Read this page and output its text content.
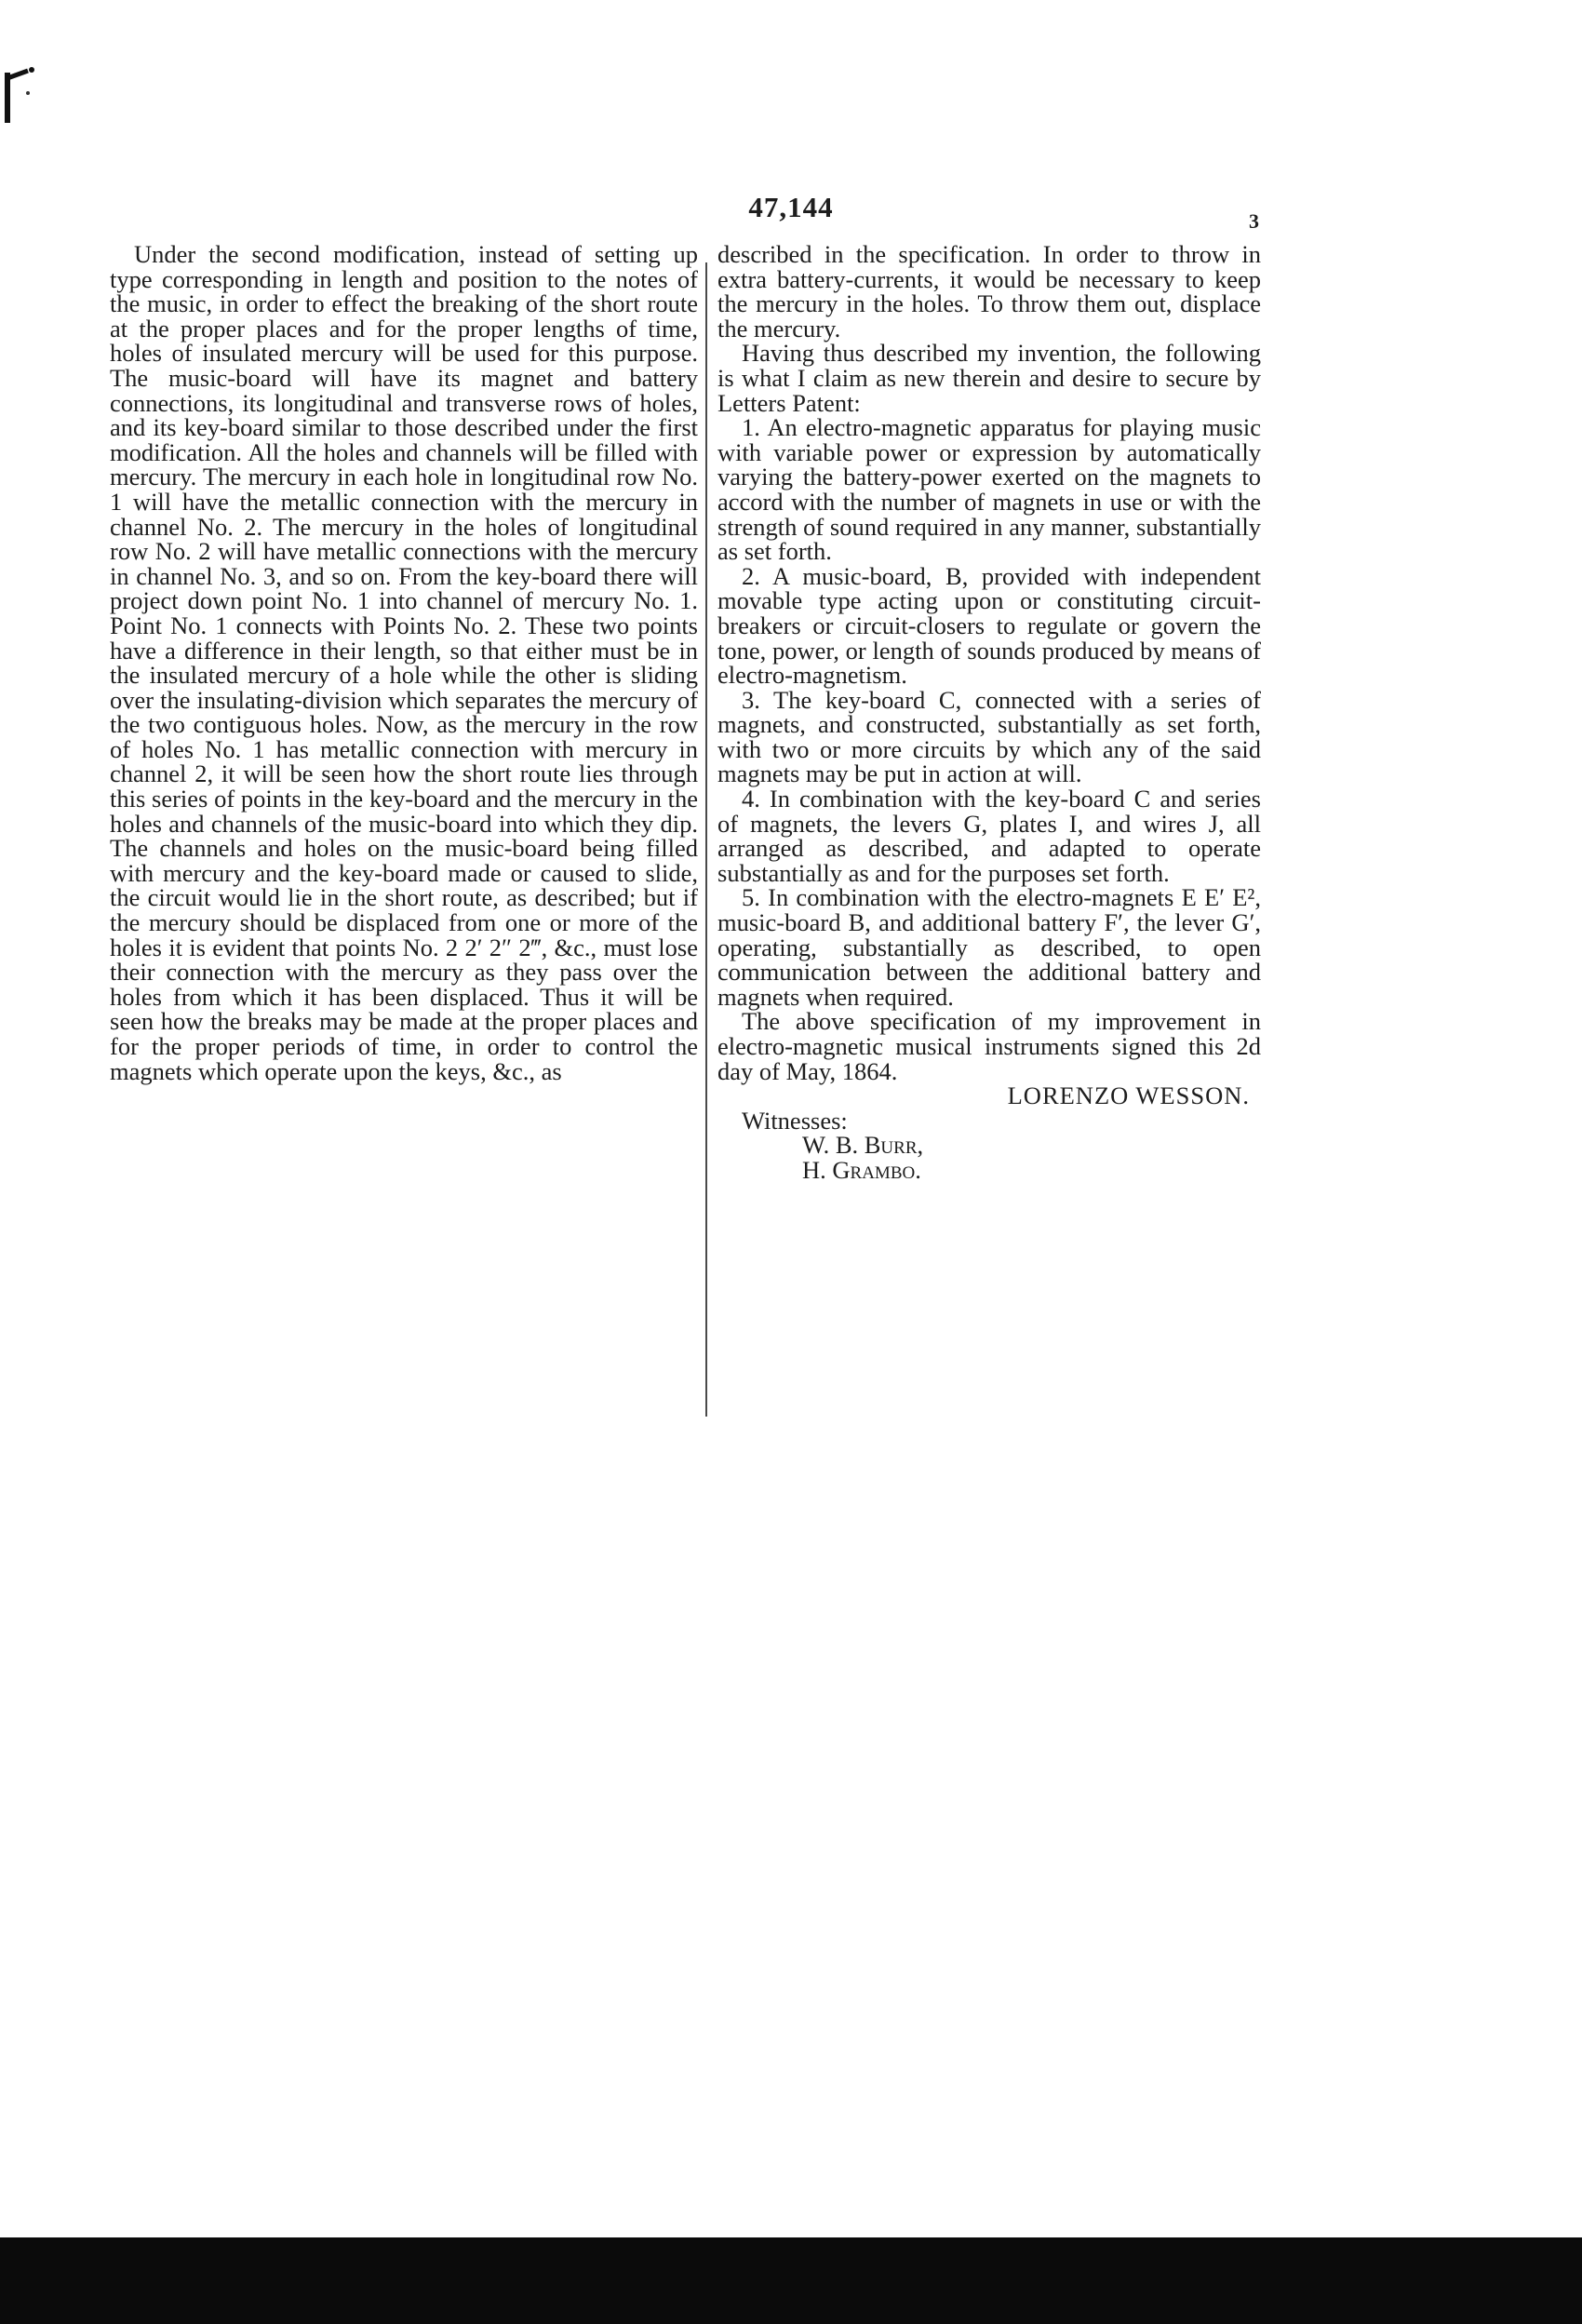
47,144	3

Under the second modification, instead of setting up type corresponding in length and position to the notes of the music, in order to effect the breaking of the short route at the proper places and for the proper lengths of time, holes of insulated mercury will be used for this purpose. The music-board will have its magnet and battery connections, its longitudinal and transverse rows of holes, and its key-board similar to those described under the first modification. All the holes and channels will be filled with mercury. The mercury in each hole in longitudinal row No. 1 will have the metallic connection with the mercury in channel No. 2. The mercury in the holes of longitudinal row No. 2 will have metallic connections with the mercury in channel No. 3, and so on. From the key-board there will project down point No. 1 into channel of mercury No. 1. Point No. 1 connects with Points No. 2. These two points have a difference in their length, so that either must be in the insulated mercury of a hole while the other is sliding over the insulating-division which separates the mercury of the two contiguous holes. Now, as the mercury in the row of holes No. 1 has metallic connection with mercury in channel 2, it will be seen how the short route lies through this series of points in the key-board and the mercury in the holes and channels of the music-board into which they dip. The channels and holes on the music-board being filled with mercury and the key-board made or caused to slide, the circuit would lie in the short route, as described; but if the mercury should be displaced from one or more of the holes it is evident that points No. 2 2′ 2″ 2‴, &c., must lose their connection with the mercury as they pass over the holes from which it has been displaced. Thus it will be seen how the breaks may be made at the proper places and for the proper periods of time, in order to control the magnets which operate upon the keys, &c., as

described in the specification. In order to throw in extra battery-currents, it would be necessary to keep the mercury in the holes. To throw them out, displace the mercury.

Having thus described my invention, the following is what I claim as new therein and desire to secure by Letters Patent:

1. An electro-magnetic apparatus for playing music with variable power or expression by automatically varying the battery-power exerted on the magnets to accord with the number of magnets in use or with the strength of sound required in any manner, substantially as set forth.

2. A music-board, B, provided with independent movable type acting upon or constituting circuit-breakers or circuit-closers to regulate or govern the tone, power, or length of sounds produced by means of electro-magnetism.

3. The key-board C, connected with a series of magnets, and constructed, substantially as set forth, with two or more circuits by which any of the said magnets may be put in action at will.

4. In combination with the key-board C and series of magnets, the levers G, plates I, and wires J, all arranged as described, and adapted to operate substantially as and for the purposes set forth.

5. In combination with the electro-magnets E E′ E², music-board B, and additional battery F′, the lever G′, operating, substantially as described, to open communication between the additional battery and magnets when required.

The above specification of my improvement in electro-magnetic musical instruments signed this 2d day of May, 1864.

LORENZO WESSON.

Witnesses:

W. B. Burr,

H. Grambo.
